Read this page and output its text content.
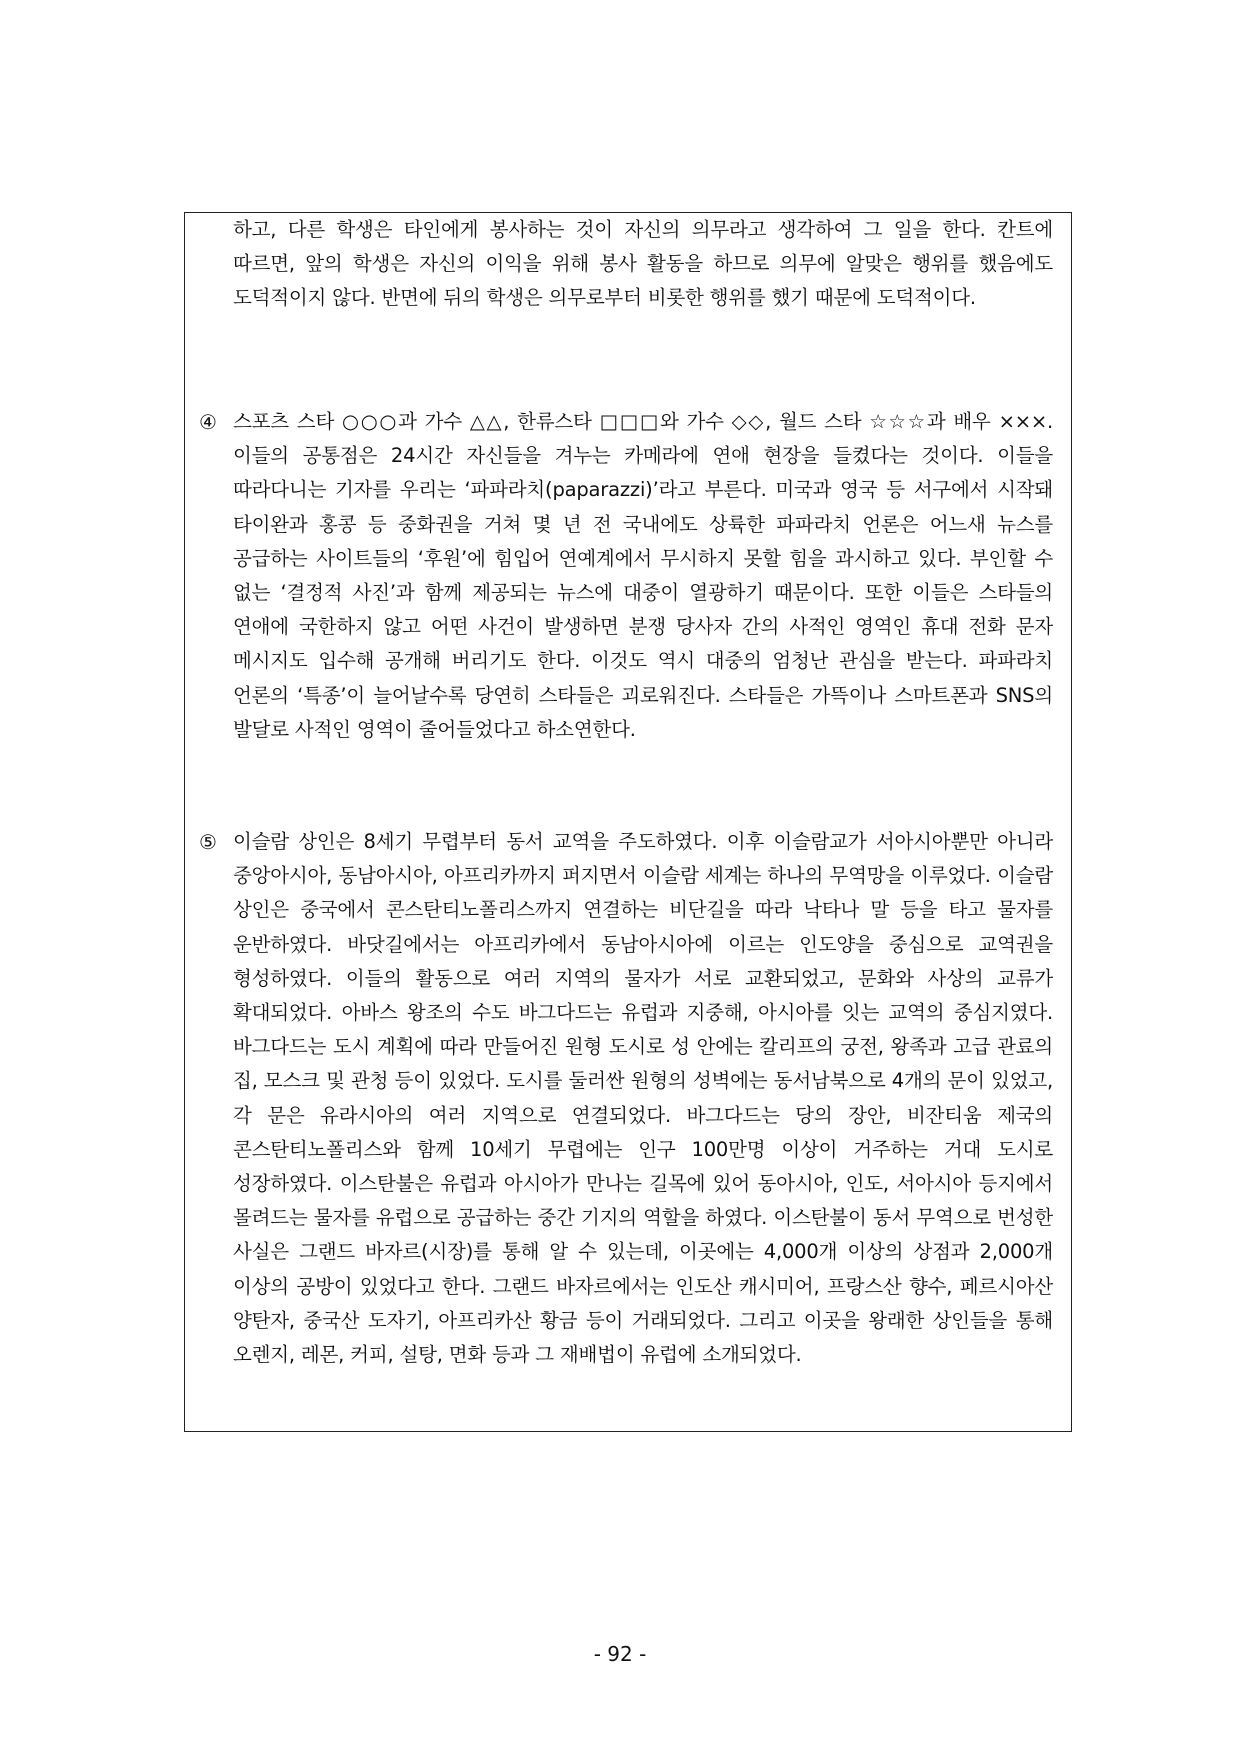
하고, 다른 학생은 타인에게 봉사하는 것이 자신의 의무라고 생각하여 그 일을 한다. 칸트에 따르면, 앞의 학생은 자신의 이익을 위해 봉사 활동을 하므로 의무에 알맞은 행위를 했음에도 도덕적이지 않다. 반면에 뒤의 학생은 의무로부터 비롯한 행위를 했기 때문에 도덕적이다.
④ 스포츠 스타 ○○○과 가수 △△, 한류스타 □□□와 가수 ◇◇, 월드 스타 ☆☆☆과 배우 ×××. 이들의 공통점은 24시간 자신들을 겨누는 카메라에 연애 현장을 들켰다는 것이다. 이들을 따라다니는 기자를 우리는 ‘파파라치(paparazzi)’라고 부른다. 미국과 영국 등 서구에서 시작돼 타이완과 홍콩 등 중화권을 거쳐 몇 년 전 국내에도 상륙한 파파라치 언론은 어느새 뉴스를 공급하는 사이트들의 ‘후원’에 힘입어 연예계에서 무시하지 못할 힘을 과시하고 있다. 부인할 수 없는 ‘결정적 사진’과 함께 제공되는 뉴스에 대중이 열광하기 때문이다. 또한 이들은 스타들의 연애에 국한하지 않고 어떤 사건이 발생하면 분쟁 당사자 간의 사적인 영역인 휴대 전화 문자 메시지도 입수해 공개해 버리기도 한다. 이것도 역시 대중의 엄청난 관심을 받는다. 파파라치 언론의 ‘특종’이 늘어날수록 당연히 스타들은 괴로워진다. 스타들은 가뜩이나 스마트폰과 SNS의 발달로 사적인 영역이 줄어들었다고 하소연한다.
⑤ 이슬람 상인은 8세기 무렵부터 동서 교역을 주도하였다. 이후 이슬람교가 서아시아뿐만 아니라 중앙아시아, 동남아시아, 아프리카까지 퍼지면서 이슬람 세계는 하나의 무역망을 이루었다. 이슬람 상인은 중국에서 콘스탄티노폴리스까지 연결하는 비단길을 따라 낙타나 말 등을 타고 물자를 운반하였다. 바닷길에서는 아프리카에서 동남아시아에 이르는 인도양을 중심으로 교역권을 형성하였다. 이들의 활동으로 여러 지역의 물자가 서로 교환되었고, 문화와 사상의 교류가 확대되었다. 아바스 왕조의 수도 바그다드는 유럽과 지중해, 아시아를 잇는 교역의 중심지였다. 바그다드는 도시 계획에 따라 만들어진 원형 도시로 성 안에는 칼리프의 궁전, 왕족과 고급 관료의 집, 모스크 및 관청 등이 있었다. 도시를 둘러싼 원형의 성벽에는 동서남북으로 4개의 문이 있었고, 각 문은 유라시아의 여러 지역으로 연결되었다. 바그다드는 당의 장안, 비잔티움 제국의 콘스탄티노폴리스와 함께 10세기 무렵에는 인구 100만명 이상이 거주하는 거대 도시로 성장하였다. 이스탄불은 유럽과 아시아가 만나는 길목에 있어 동아시아, 인도, 서아시아 등지에서 몰려드는 물자를 유럽으로 공급하는 중간 기지의 역할을 하였다. 이스탄불이 동서 무역으로 번성한 사실은 그랜드 바자르(시장)를 통해 알 수 있는데, 이곳에는 4,000개 이상의 상점과 2,000개 이상의 공방이 있었다고 한다. 그랜드 바자르에서는 인도산 캐시미어, 프랑스산 향수, 페르시아산 양탄자, 중국산 도자기, 아프리카산 황금 등이 거래되었다. 그리고 이곳을 왕래한 상인들을 통해 오렌지, 레몬, 커피, 설탕, 면화 등과 그 재배법이 유럽에 소개되었다.
- 92 -
